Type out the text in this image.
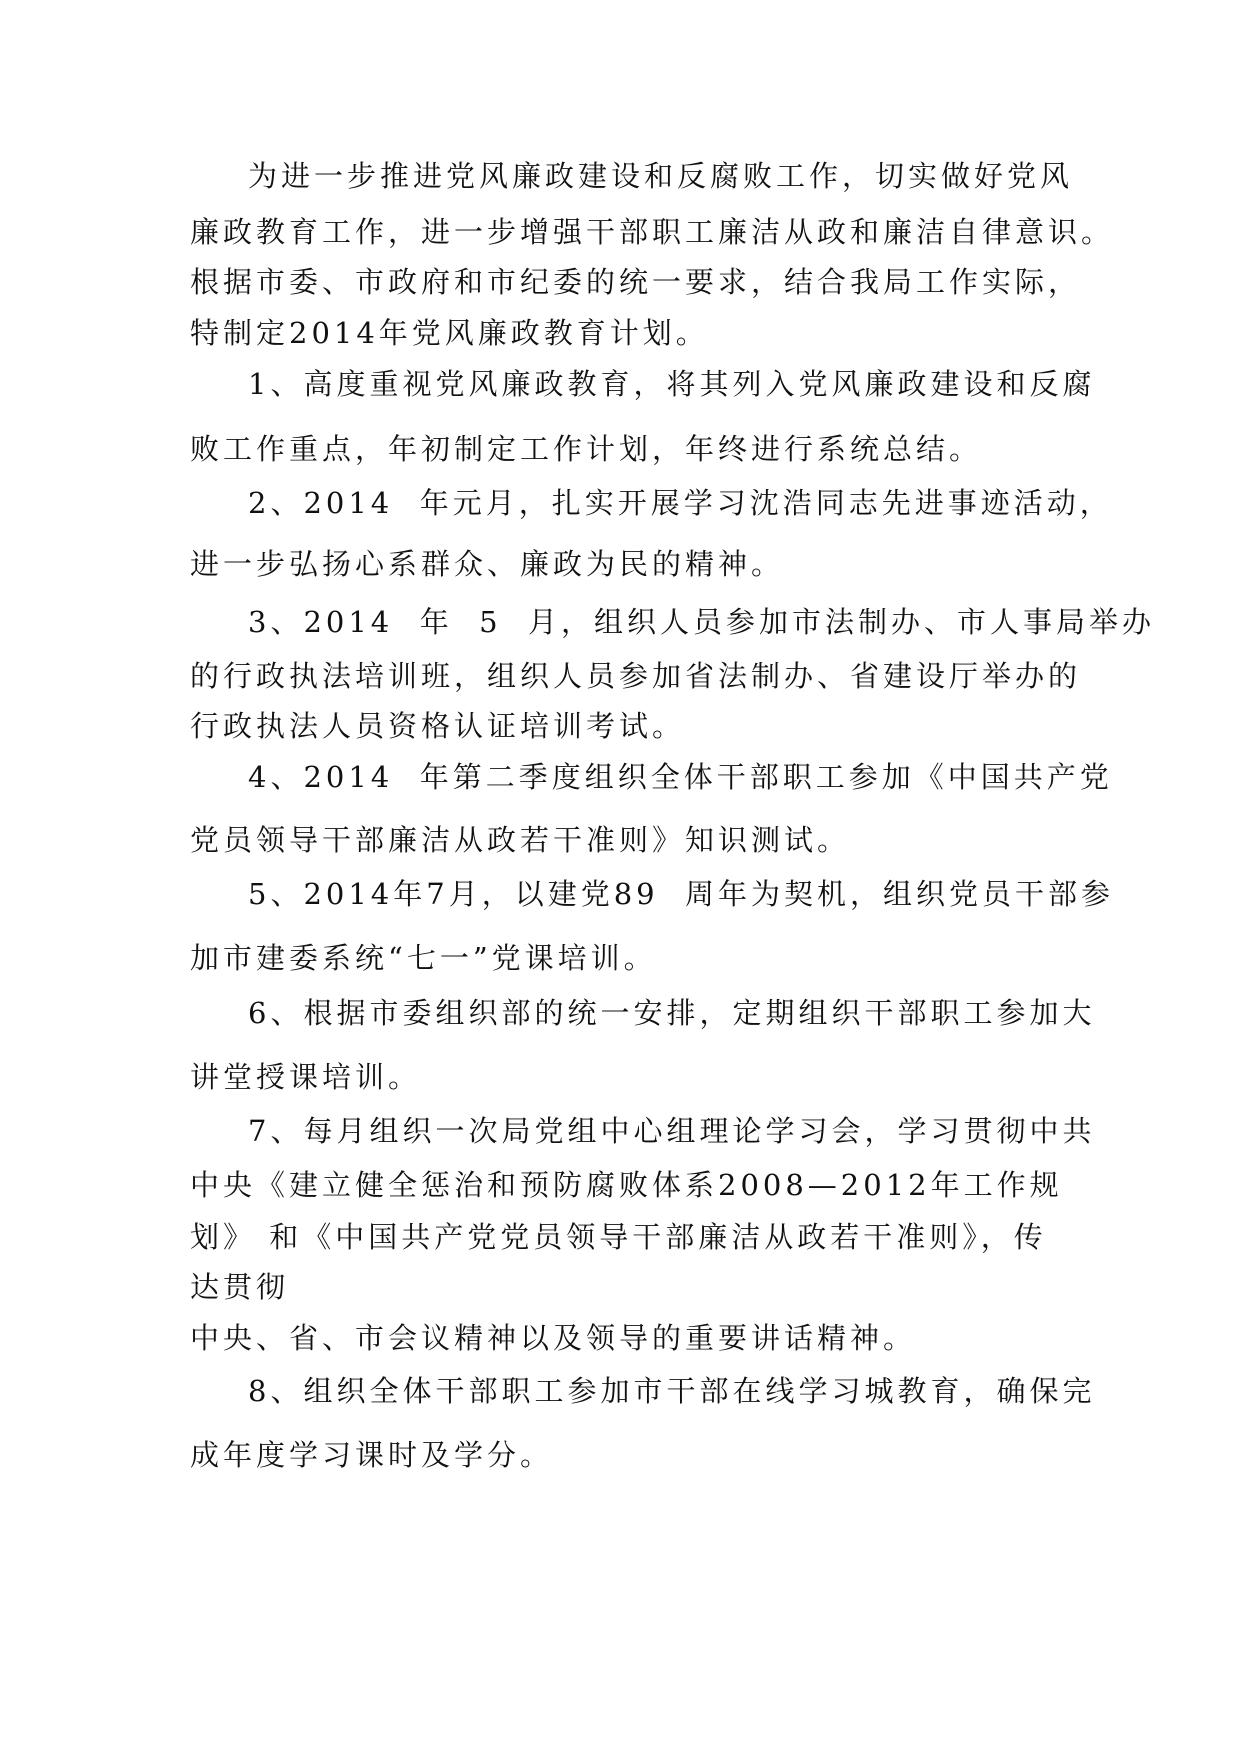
为进一步推进党风廉政建设和反腐败工作，切实做好党风
廉政教育工作，进一步增强干部职工廉洁从政和廉洁自律意识。
根据市委、市政府和市纪委的统一要求，结合我局工作实际，
特制定2014年党风廉政教育计划。
1、高度重视党风廉政教育，将其列入党风廉政建设和反腐
败工作重点，年初制定工作计划，年终进行系统总结。
2、2014  年元月，扎实开展学习沈浩同志先进事迹活动，
进一步弘扬心系群众、廉政为民的精神。
3、2014  年  5  月，组织人员参加市法制办、市人事局举办
的行政执法培训班，组织人员参加省法制办、省建设厅举办的
行政执法人员资格认证培训考试。
4、2014  年第二季度组织全体干部职工参加《中国共产党
党员领导干部廉洁从政若干准则》知识测试。
5、2014年7月，以建党89  周年为契机，组织党员干部参
加市建委系统“七一”党课培训。
6、根据市委组织部的统一安排，定期组织干部职工参加大
讲堂授课培训。
7、每月组织一次局党组中心组理论学习会，学习贯彻中共
中央《建立健全惩治和预防腐败体系2008—2012年工作规
划》 和《中国共产党党员领导干部廉洁从政若干准则》，传
达贯彻
中央、省、市会议精神以及领导的重要讲话精神。
8、组织全体干部职工参加市干部在线学习城教育，确保完
成年度学习课时及学分。
